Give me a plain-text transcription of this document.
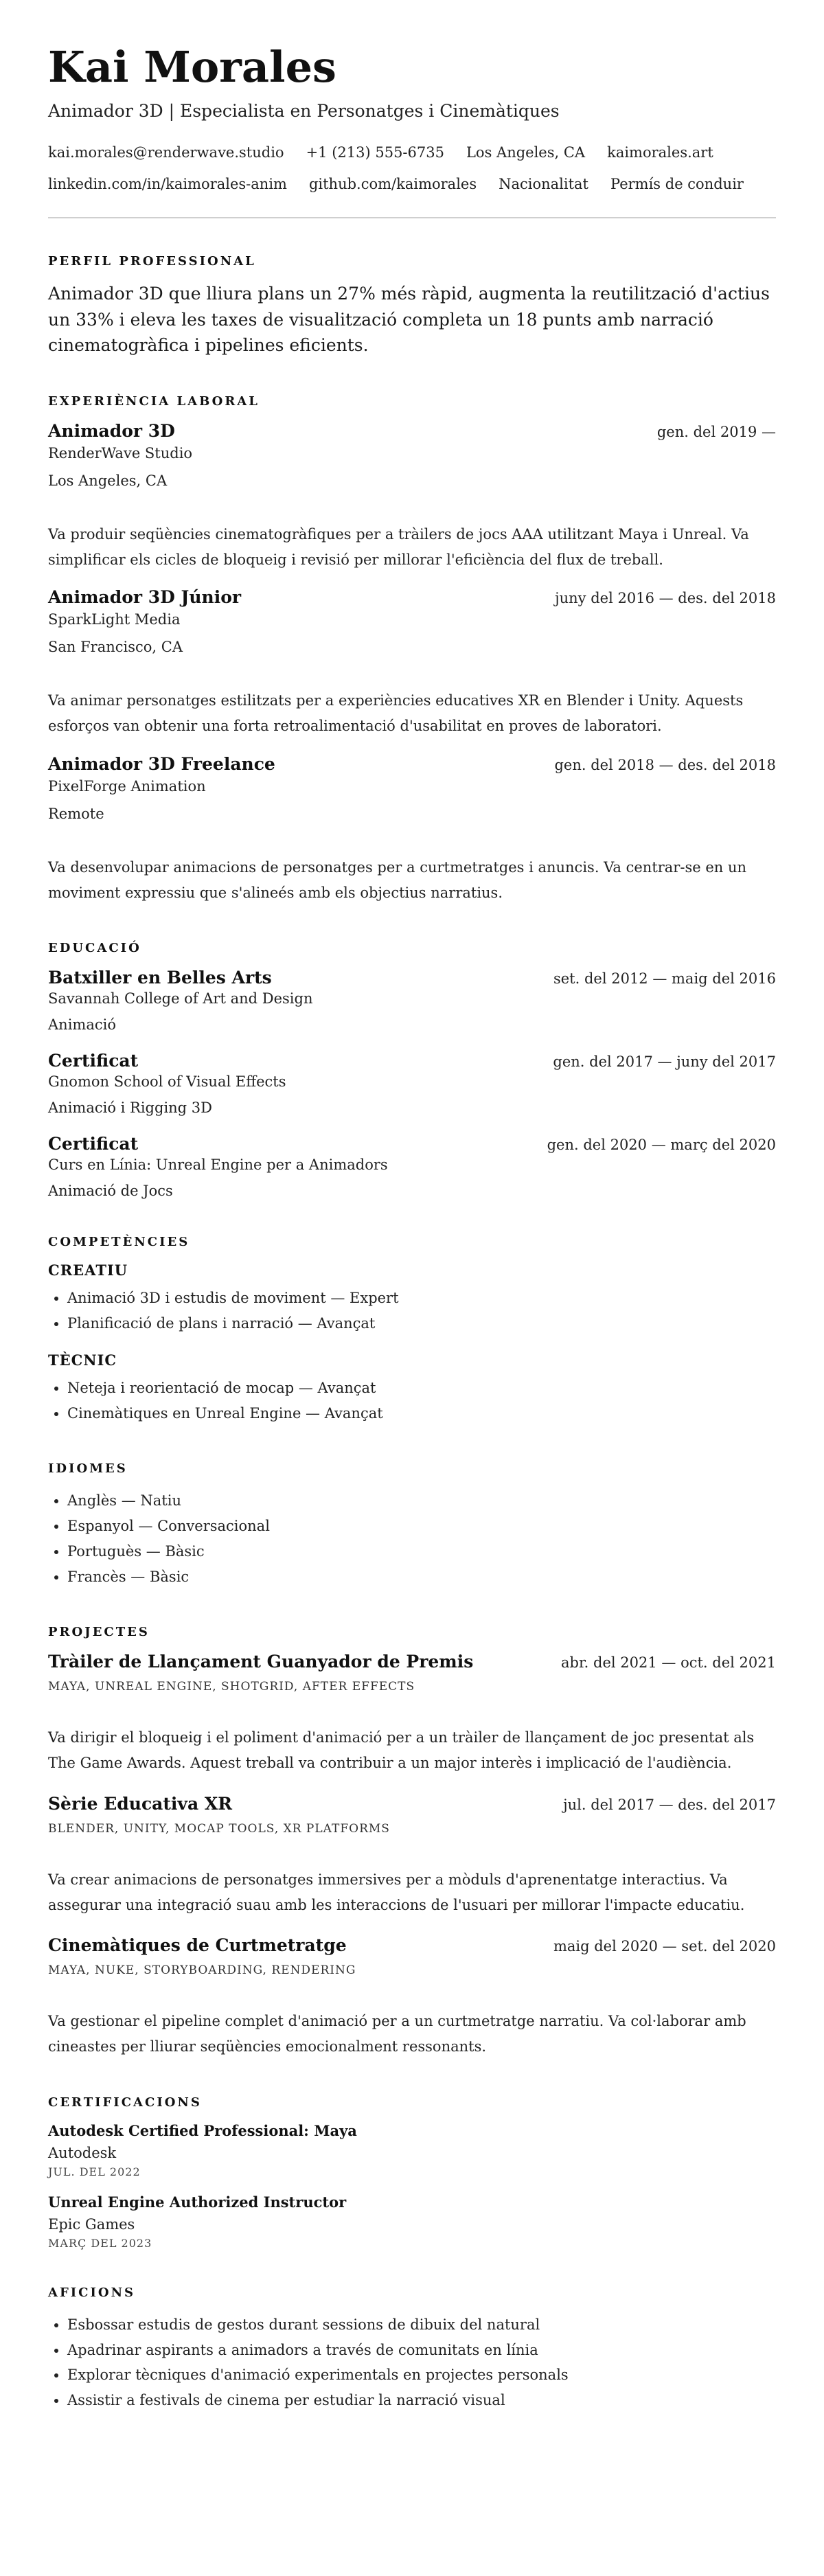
Kai Morales
Animador 3D | Especialista en Personatges i Cinemàtiques
kai.morales@renderwave.studio +1 (213) 555-6735 Los Angeles, CA kaimorales.art
linkedin.com/in/kaimorales-anim github.com/kaimorales Nacionalitat Permís de conduir
PERFIL PROFESSIONAL

Animador 3D que lliura plans un 27% més ràpid, augmenta la reutilització d'actius un 33% i eleva les taxes de visualització completa un 18 punts amb narració cinematogràfica i pipelines eficients.

EXPERIÈNCIA LABORAL
Animador 3D	gen. del 2019 —
RenderWave Studio
Los Angeles, CA
Va produir seqüències cinematogràfiques per a tràilers de jocs AAA utilitzant Maya i Unreal. Va simplificar els cicles de bloqueig i revisió per millorar l'eficiència del flux de treball.
Animador 3D Júnior	juny del 2016 — des. del 2018
SparkLight Media
San Francisco, CA
Va animar personatges estilitzats per a experiències educatives XR en Blender i Unity. Aquests esforços van obtenir una forta retroalimentació d'usabilitat en proves de laboratori.
Animador 3D Freelance	gen. del 2018 — des. del 2018
PixelForge Animation
Remote
Va desenvolupar animacions de personatges per a curtmetratges i anuncis. Va centrar-se en un moviment expressiu que s'alineés amb els objectius narratius.
EDUCACIÓ
Batxiller en Belles Arts	set. del 2012 — maig del 2016
Savannah College of Art and Design
Animació
Certificat	gen. del 2017 — juny del 2017
Gnomon School of Visual Effects
Animació i Rigging 3D
Certificat	gen. del 2020 — març del 2020
Curs en Línia: Unreal Engine per a Animadors
Animació de Jocs
COMPETÈNCIES
CREATIU
• Animació 3D i estudis de moviment — Expert
• Planificació de plans i narració — Avançat
TÈCNIC
• Neteja i reorientació de mocap — Avançat
• Cinemàtiques en Unreal Engine — Avançat
IDIOMES
• Anglès — Natiu
• Espanyol — Conversacional
• Portuguès — Bàsic
• Francès — Bàsic
PROJECTES
Tràiler de Llançament Guanyador de Premis	abr. del 2021 — oct. del 2021
MAYA, UNREAL ENGINE, SHOTGRID, AFTER EFFECTS
Va dirigir el bloqueig i el poliment d'animació per a un tràiler de llançament de joc presentat als The Game Awards. Aquest treball va contribuir a un major interès i implicació de l'audiència.
Sèrie Educativa XR	jul. del 2017 — des. del 2017
BLENDER, UNITY, MOCAP TOOLS, XR PLATFORMS
Va crear animacions de personatges immersives per a mòduls d'aprenentatge interactius. Va assegurar una integració suau amb les interaccions de l'usuari per millorar l'impacte educatiu.
Cinemàtiques de Curtmetratge	maig del 2020 — set. del 2020
MAYA, NUKE, STORYBOARDING, RENDERING
Va gestionar el pipeline complet d'animació per a un curtmetratge narratiu. Va col·laborar amb cineastes per lliurar seqüències emocionalment ressonants.
CERTIFICACIONS
Autodesk Certified Professional: Maya
Autodesk
JUL. DEL 2022
Unreal Engine Authorized Instructor
Epic Games
MARÇ DEL 2023
AFICIONS
• Esbossar estudis de gestos durant sessions de dibuix del natural
• Apadrinar aspirants a animadors a través de comunitats en línia
• Explorar tècniques d'animació experimentals en projectes personals
• Assistir a festivals de cinema per estudiar la narració visual
